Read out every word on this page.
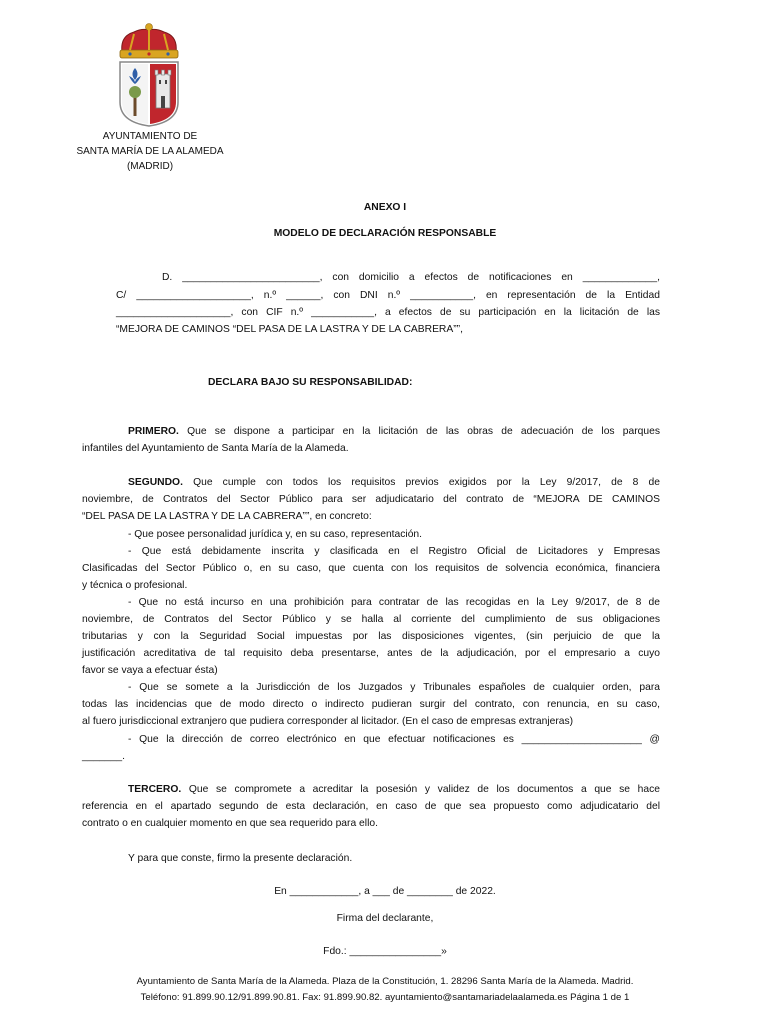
AYUNTAMIENTO DE
SANTA MARÍA DE LA ALAMEDA
(MADRID)
ANEXO I
MODELO DE DECLARACIÓN RESPONSABLE
D. ________________________, con domicilio a efectos de notificaciones en _____________,
C/ ____________________, n.º ______, con DNI n.º ___________, en representación de la Entidad
____________________, con CIF n.º ___________, a efectos de su participación en la licitación de las
“MEJORA DE CAMINOS “DEL PASA DE LA LASTRA Y DE LA CABRERA””,
DECLARA BAJO SU RESPONSABILIDAD:
PRIMERO. Que se dispone a participar en la licitación de las obras de adecuación de los parques
infantiles del Ayuntamiento de Santa María de la Alameda.
SEGUNDO. Que cumple con todos los requisitos previos exigidos por la Ley 9/2017, de 8 de
noviembre, de Contratos del Sector Público para ser adjudicatario del contrato de “MEJORA DE CAMINOS
“DEL PASA DE LA LASTRA Y DE LA CABRERA””, en concreto:
- Que posee personalidad jurídica y, en su caso, representación.
- Que está debidamente inscrita y clasificada en el Registro Oficial de Licitadores y Empresas
Clasificadas del Sector Público o, en su caso, que cuenta con los requisitos de solvencia económica, financiera
y técnica o profesional.
- Que no está incurso en una prohibición para contratar de las recogidas en la Ley 9/2017, de 8 de
noviembre, de Contratos del Sector Público y se halla al corriente del cumplimiento de sus obligaciones
tributarias y con la Seguridad Social impuestas por las disposiciones vigentes, (sin perjuicio de que la
justificación acreditativa de tal requisito deba presentarse, antes de la adjudicación, por el empresario a cuyo
favor se vaya a efectuar ésta)
- Que se somete a la Jurisdicción de los Juzgados y Tribunales españoles de cualquier orden, para
todas las incidencias que de modo directo o indirecto pudieran surgir del contrato, con renuncia, en su caso,
al fuero jurisdiccional extranjero que pudiera corresponder al licitador. (En el caso de empresas extranjeras)
- Que la dirección de correo electrónico en que efectuar notificaciones es _____________________ @
_______.
TERCERO. Que se compromete a acreditar la posesión y validez de los documentos a que se hace
referencia en el apartado segundo de esta declaración, en caso de que sea propuesto como adjudicatario del
contrato o en cualquier momento en que sea requerido para ello.
Y para que conste, firmo la presente declaración.
En ____________, a ___ de ________ de 2022.
Firma del declarante,
Fdo.: ________________»
Ayuntamiento de Santa María de la Alameda. Plaza de la Constitución, 1. 28296 Santa María de la Alameda. Madrid.
Teléfono: 91.899.90.12/91.899.90.81. Fax: 91.899.90.82. ayuntamiento@santamariadelaalameda.es Página 1 de 1
